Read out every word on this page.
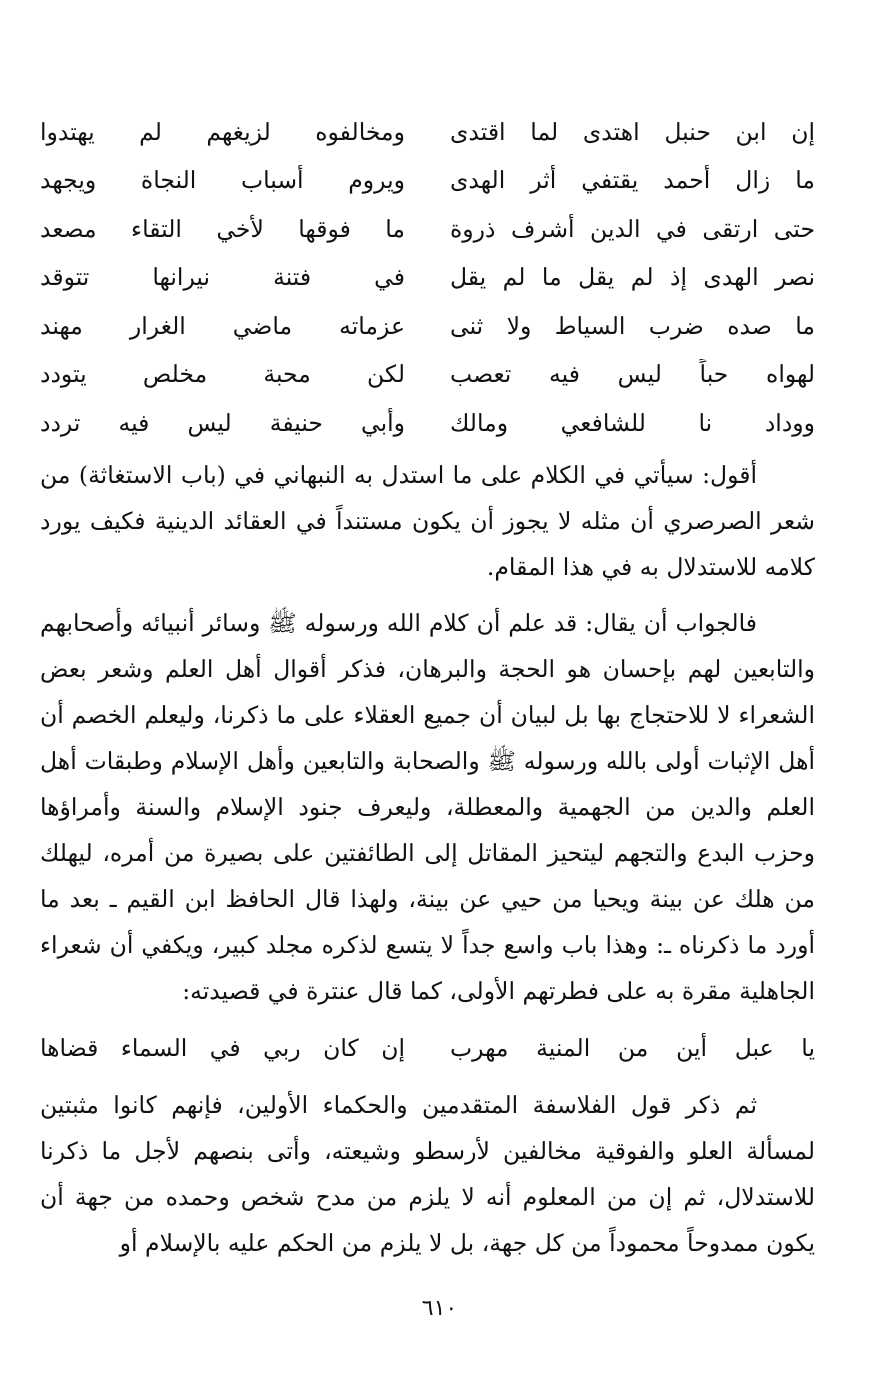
إن ابن حنبل اهتدى لما اقتدى
ومخالفوه لزيغهم لم يهتدوا
ما زال أحمد يقتفي أثر الهدى
ويروم أسباب النجاة ويجهد
حتى ارتقى في الدين أشرف ذروة
ما فوقها لأخي التقاء مصعد
نصر الهدى إذ لم يقل ما لم يقل
في فتنة نيرانها تتوقد
ما صده ضرب السياط ولا ثنى
عزماته ماضي الغرار مهند
لهواه حباً ليس فيه تعصب
لكن محبة مخلص يتودد
ووداد نا للشافعي ومالك
وأبي حنيفة ليس فيه تردد

أقول: سيأتي في الكلام على ما استدل به النبهاني في (باب الاستغاثة) من شعر الصرصري أن مثله لا يجوز أن يكون مستنداً في العقائد الدينية فكيف يورد كلامه للاستدلال به في هذا المقام.

فالجواب أن يقال: قد علم أن كلام الله ورسوله ﷺ وسائر أنبيائه وأصحابهم والتابعين لهم بإحسان هو الحجة والبرهان، فذكر أقوال أهل العلم وشعر بعض الشعراء لا للاحتجاج بها بل لبيان أن جميع العقلاء على ما ذكرنا، وليعلم الخصم أن أهل الإثبات أولى بالله ورسوله ﷺ والصحابة والتابعين وأهل الإسلام وطبقات أهل العلم والدين من الجهمية والمعطلة، وليعرف جنود الإسلام والسنة وأمراؤها وحزب البدع والتجهم ليتحيز المقاتل إلى الطائفتين على بصيرة من أمره، ليهلك من هلك عن بينة ويحيا من حيي عن بينة، ولهذا قال الحافظ ابن القيم ـ بعد ما أورد ما ذكرناه ـ: وهذا باب واسع جداً لا يتسع لذكره مجلد كبير، ويكفي أن شعراء الجاهلية مقرة به على فطرتهم الأولى، كما قال عنترة في قصيدته:

يا عبل أين من المنية مهرب
إن كان ربي في السماء قضاها

ثم ذكر قول الفلاسفة المتقدمين والحكماء الأولين، فإنهم كانوا مثبتين لمسألة العلو والفوقية مخالفين لأرسطو وشيعته، وأتى بنصهم لأجل ما ذكرنا للاستدلال، ثم إن من المعلوم أنه لا يلزم من مدح شخص وحمده من جهة أن يكون ممدوحاً محموداً من كل جهة، بل لا يلزم من الحكم عليه بالإسلام أو

٦١٠
